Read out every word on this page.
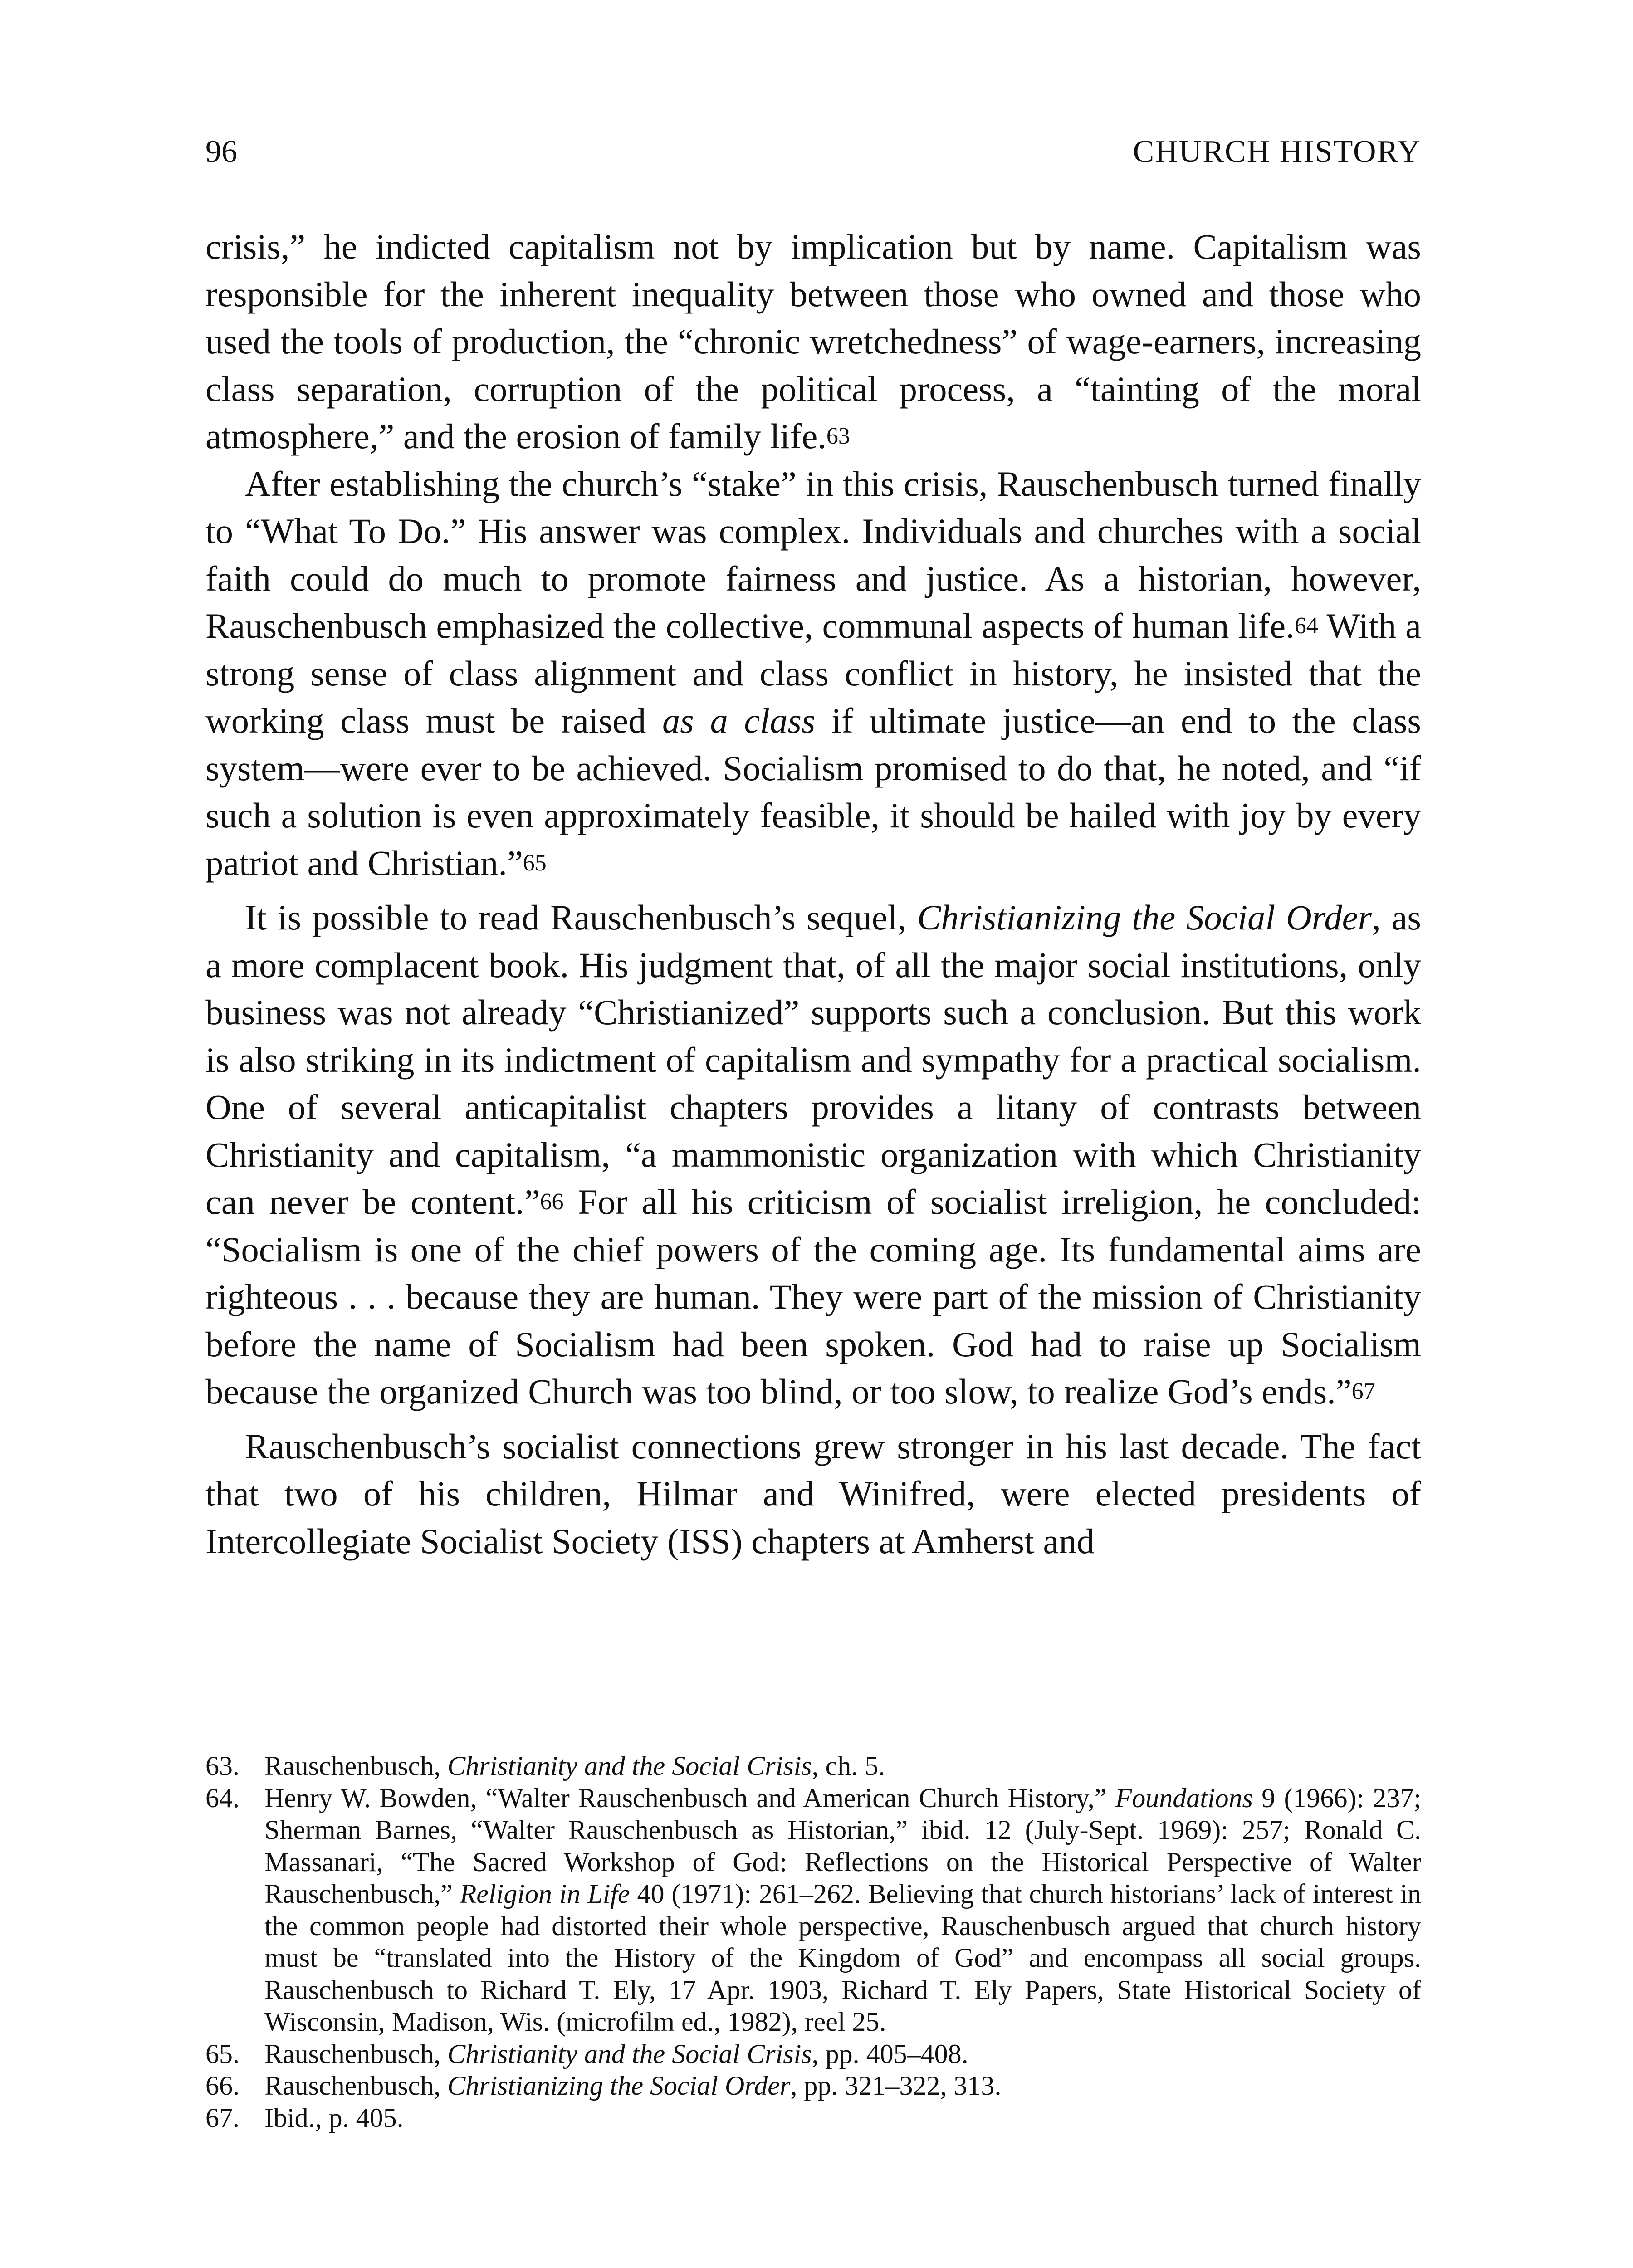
96	CHURCH HISTORY

crisis,” he indicted capitalism not by implication but by name. Capitalism was responsible for the inherent inequality between those who owned and those who used the tools of production, the “chronic wretchedness” of wage-earners, increasing class separation, corruption of the political process, a “tainting of the moral atmosphere,” and the erosion of family life.$^{63}$

After establishing the church’s “stake” in this crisis, Rauschenbusch turned finally to “What To Do.” His answer was complex. Individuals and churches with a social faith could do much to promote fairness and justice. As a historian, however, Rauschenbusch emphasized the collective, communal aspects of human life.$^{64}$ With a strong sense of class alignment and class conflict in history, he insisted that the working class must be raised as a class if ultimate justice—an end to the class system—were ever to be achieved. Socialism promised to do that, he noted, and “if such a solution is even approximately feasible, it should be hailed with joy by every patriot and Christian.”$^{65}$

It is possible to read Rauschenbusch’s sequel, Christianizing the Social Order, as a more complacent book. His judgment that, of all the major social institutions, only business was not already “Christianized” supports such a conclusion. But this work is also striking in its indictment of capitalism and sympathy for a practical socialism. One of several anticapitalist chapters provides a litany of contrasts between Christianity and capitalism, “a mammonistic organization with which Christianity can never be content.”$^{66}$ For all his criticism of socialist irreligion, he concluded: “Socialism is one of the chief powers of the coming age. Its fundamental aims are righteous . . . because they are human. They were part of the mission of Christianity before the name of Socialism had been spoken. God had to raise up Socialism because the organized Church was too blind, or too slow, to realize God’s ends.”$^{67}$

Rauschenbusch’s socialist connections grew stronger in his last decade. The fact that two of his children, Hilmar and Winifred, were elected presidents of Intercollegiate Socialist Society (ISS) chapters at Amherst and

63. Rauschenbusch, Christianity and the Social Crisis, ch. 5.

64. Henry W. Bowden, “Walter Rauschenbusch and American Church History,” Foundations 9 (1966): 237; Sherman Barnes, “Walter Rauschenbusch as Historian,” ibid. 12 (July-Sept. 1969): 257; Ronald C. Massanari, “The Sacred Workshop of God: Reflections on the Historical Perspective of Walter Rauschenbusch,” Religion in Life 40 (1971): 261–262. Believing that church historians’ lack of interest in the common people had distorted their whole perspective, Rauschenbusch argued that church history must be “translated into the History of the Kingdom of God” and encompass all social groups. Rauschenbusch to Richard T. Ely, 17 Apr. 1903, Richard T. Ely Papers, State Historical Society of Wisconsin, Madison, Wis. (microfilm ed., 1982), reel 25.

65. Rauschenbusch, Christianity and the Social Crisis, pp. 405–408.

66. Rauschenbusch, Christianizing the Social Order, pp. 321–322, 313.

67. Ibid., p. 405.
